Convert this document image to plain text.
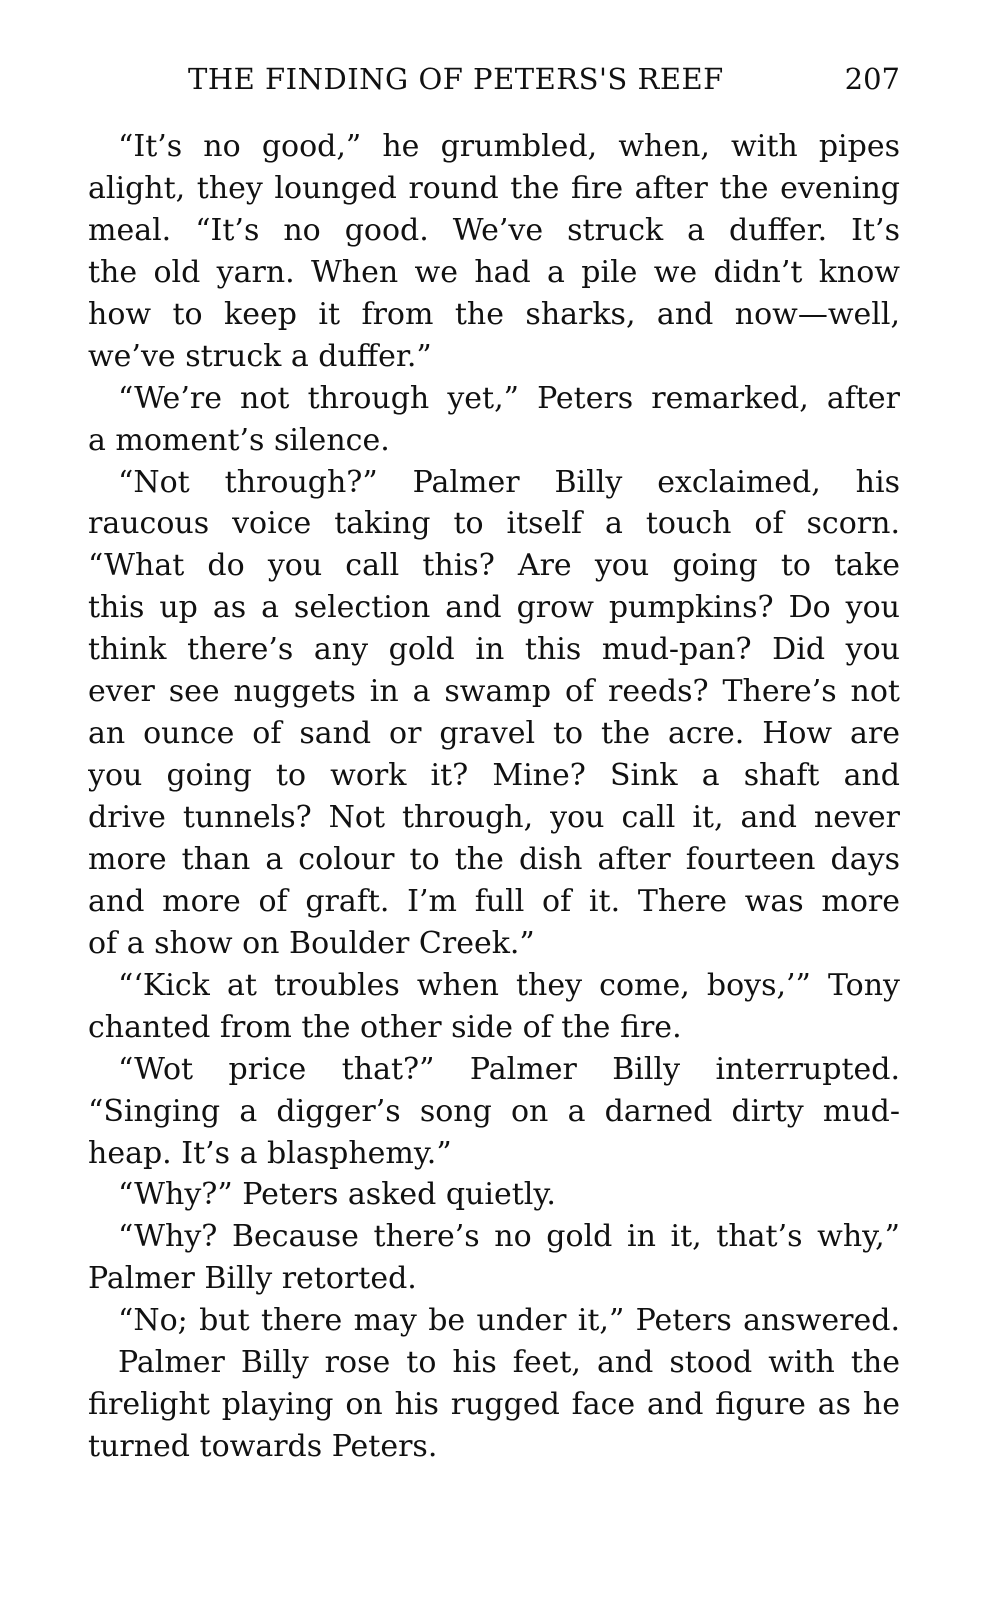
THE FINDING OF PETERS'S REEF	207
“It’s no good,” he grumbled, when, with pipes
alight, they lounged round the fire after the evening
meal. “It’s no good. We’ve struck a duffer. It’s
the old yarn. When we had a pile we didn’t know
how to keep it from the sharks, and now—well,
we’ve struck a duffer.”
“We’re not through yet,” Peters remarked, after
a moment’s silence.
“Not through?” Palmer Billy exclaimed, his
raucous voice taking to itself a touch of scorn.
“What do you call this? Are you going to take
this up as a selection and grow pumpkins? Do you
think there’s any gold in this mud-pan? Did you
ever see nuggets in a swamp of reeds? There’s not
an ounce of sand or gravel to the acre. How are
you going to work it? Mine? Sink a shaft and
drive tunnels? Not through, you call it, and never
more than a colour to the dish after fourteen days
and more of graft. I’m full of it. There was more
of a show on Boulder Creek.”
“‘Kick at troubles when they come, boys,’” Tony
chanted from the other side of the fire.
“Wot price that?” Palmer Billy interrupted.
“Singing a digger’s song on a darned dirty mud-
heap. It’s a blasphemy.”
“Why?” Peters asked quietly.
“Why? Because there’s no gold in it, that’s why,”
Palmer Billy retorted.
“No; but there may be under it,” Peters answered.
Palmer Billy rose to his feet, and stood with the
firelight playing on his rugged face and figure as he
turned towards Peters.
